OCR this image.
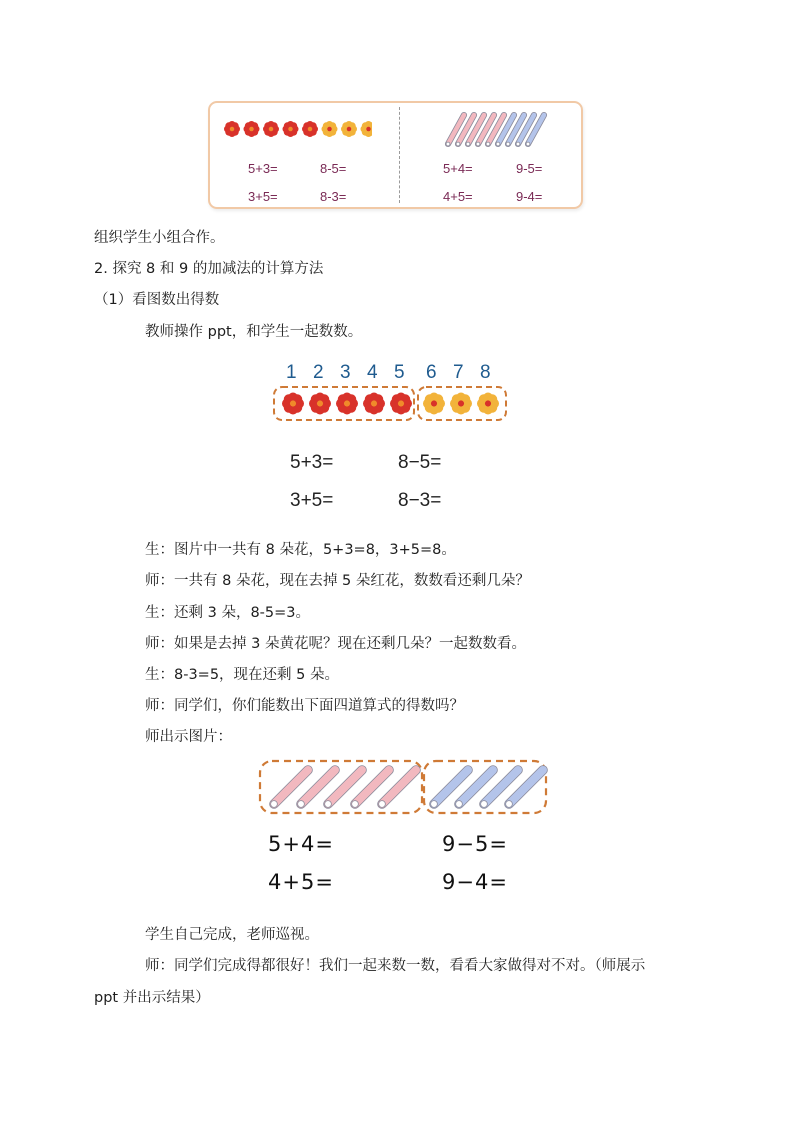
5+3=	8-5=
3+5=	8-3=
5+4=	9-5=
4+5=	9-4=
组织学生小组合作。
2. 探究 8 和 9 的加减法的计算方法
（1）看图数出得数
教师操作 ppt，和学生一起数数。
1 2 3 4 5 6 7 8
5+3=	8−5=
3+5=	8−3=
生：图片中一共有 8 朵花，5+3=8，3+5=8。
师：一共有 8 朵花，现在去掉 5 朵红花，数数看还剩几朵？
生：还剩 3 朵，8-5=3。
师：如果是去掉 3 朵黄花呢？现在还剩几朵？一起数数看。
生：8-3=5，现在还剩 5 朵。
师：同学们，你们能数出下面四道算式的得数吗？
师出示图片：
5+4=	9−5=
4+5=	9−4=
学生自己完成，老师巡视。
师：同学们完成得都很好！我们一起来数一数，看看大家做得对不对。（师展示
ppt 并出示结果）
